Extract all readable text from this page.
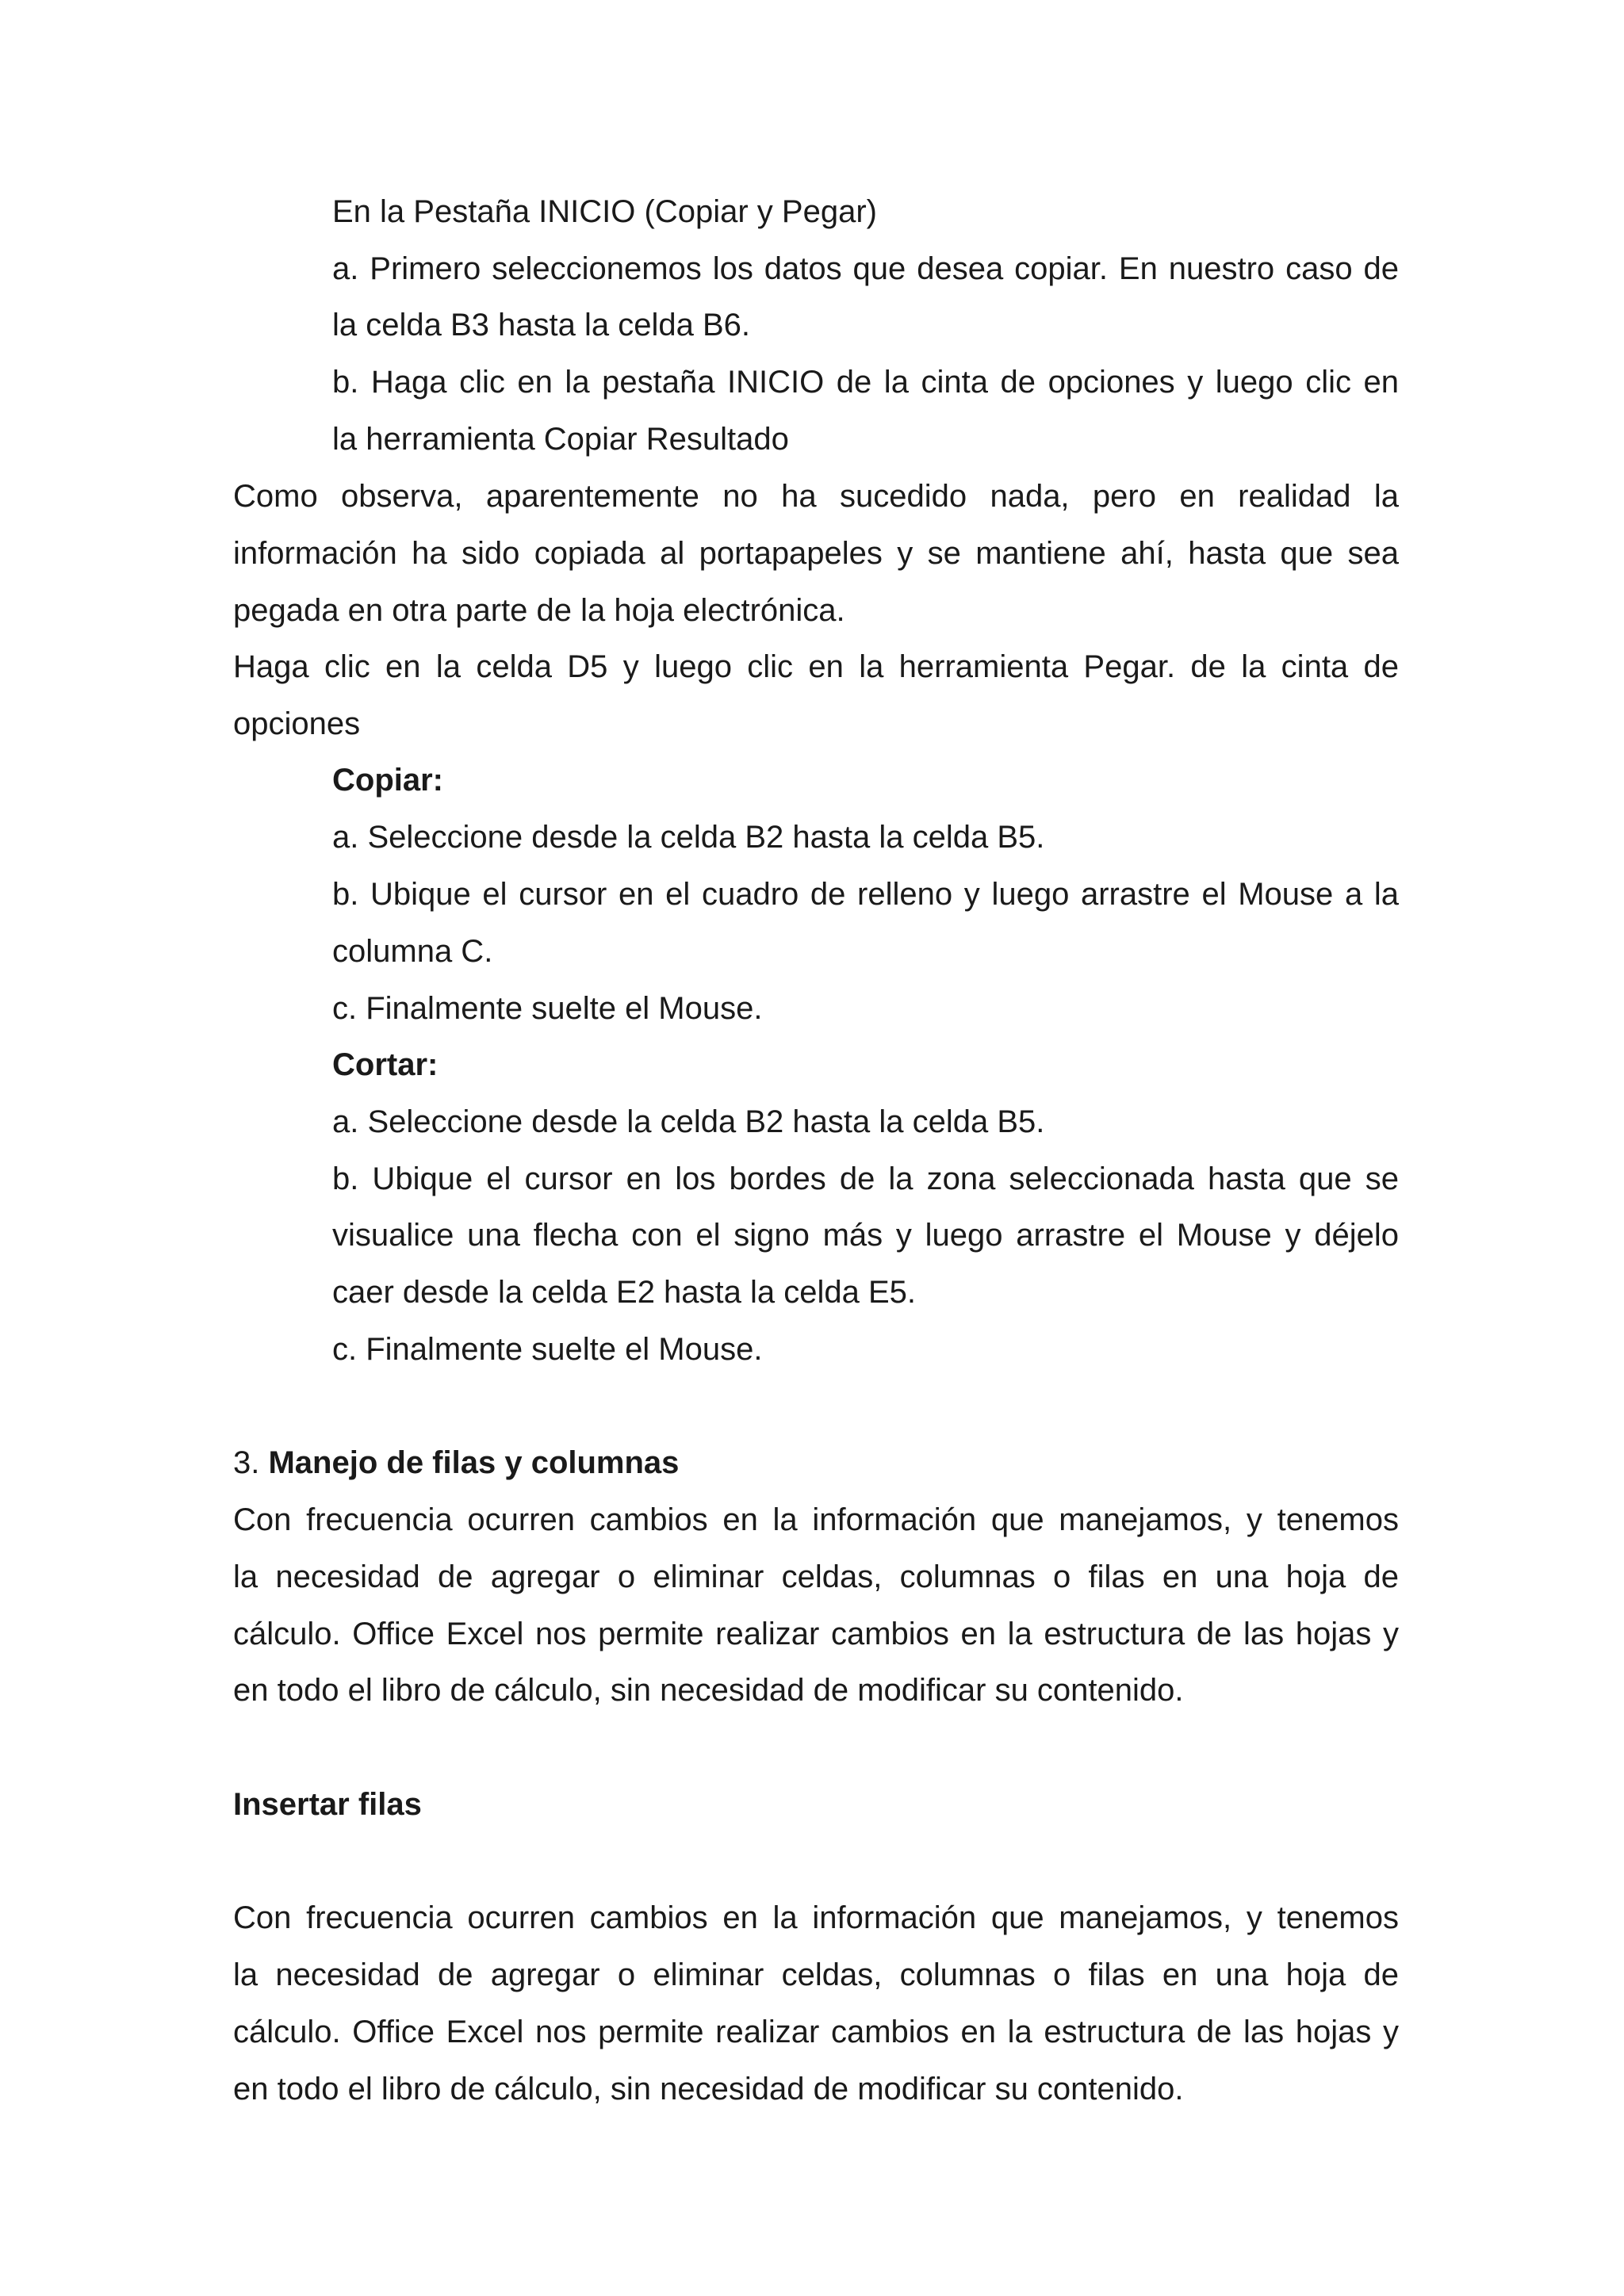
En la Pestaña INICIO (Copiar y Pegar)
a. Primero seleccionemos los datos que desea copiar. En nuestro caso de
la celda B3 hasta la celda B6.
b. Haga clic en la pestaña INICIO de la cinta de opciones y luego clic en
la herramienta Copiar Resultado
Como observa, aparentemente no ha sucedido nada, pero en realidad la
información ha sido copiada al portapapeles y se mantiene ahí, hasta que sea
pegada en otra parte de la hoja electrónica.
Haga clic en la celda D5 y luego clic en la herramienta Pegar. de la cinta de
opciones
Copiar:
a. Seleccione desde la celda B2 hasta la celda B5.
b. Ubique el cursor en el cuadro de relleno y luego arrastre el Mouse a la
columna C.
c. Finalmente suelte el Mouse.
Cortar:
a. Seleccione desde la celda B2 hasta la celda B5.
b. Ubique el cursor en los bordes de la zona seleccionada hasta que se
visualice una flecha con el signo más y luego arrastre el Mouse y déjelo
caer desde la celda E2 hasta la celda E5.
c. Finalmente suelte el Mouse.
3. Manejo de filas y columnas
Con frecuencia ocurren cambios en la información que manejamos, y tenemos
la necesidad de agregar o eliminar celdas, columnas o filas en una hoja de
cálculo. Office Excel nos permite realizar cambios en la estructura de las hojas y
en todo el libro de cálculo, sin necesidad de modificar su contenido.
Insertar filas
Con frecuencia ocurren cambios en la información que manejamos, y tenemos
la necesidad de agregar o eliminar celdas, columnas o filas en una hoja de
cálculo. Office Excel nos permite realizar cambios en la estructura de las hojas y
en todo el libro de cálculo, sin necesidad de modificar su contenido.
